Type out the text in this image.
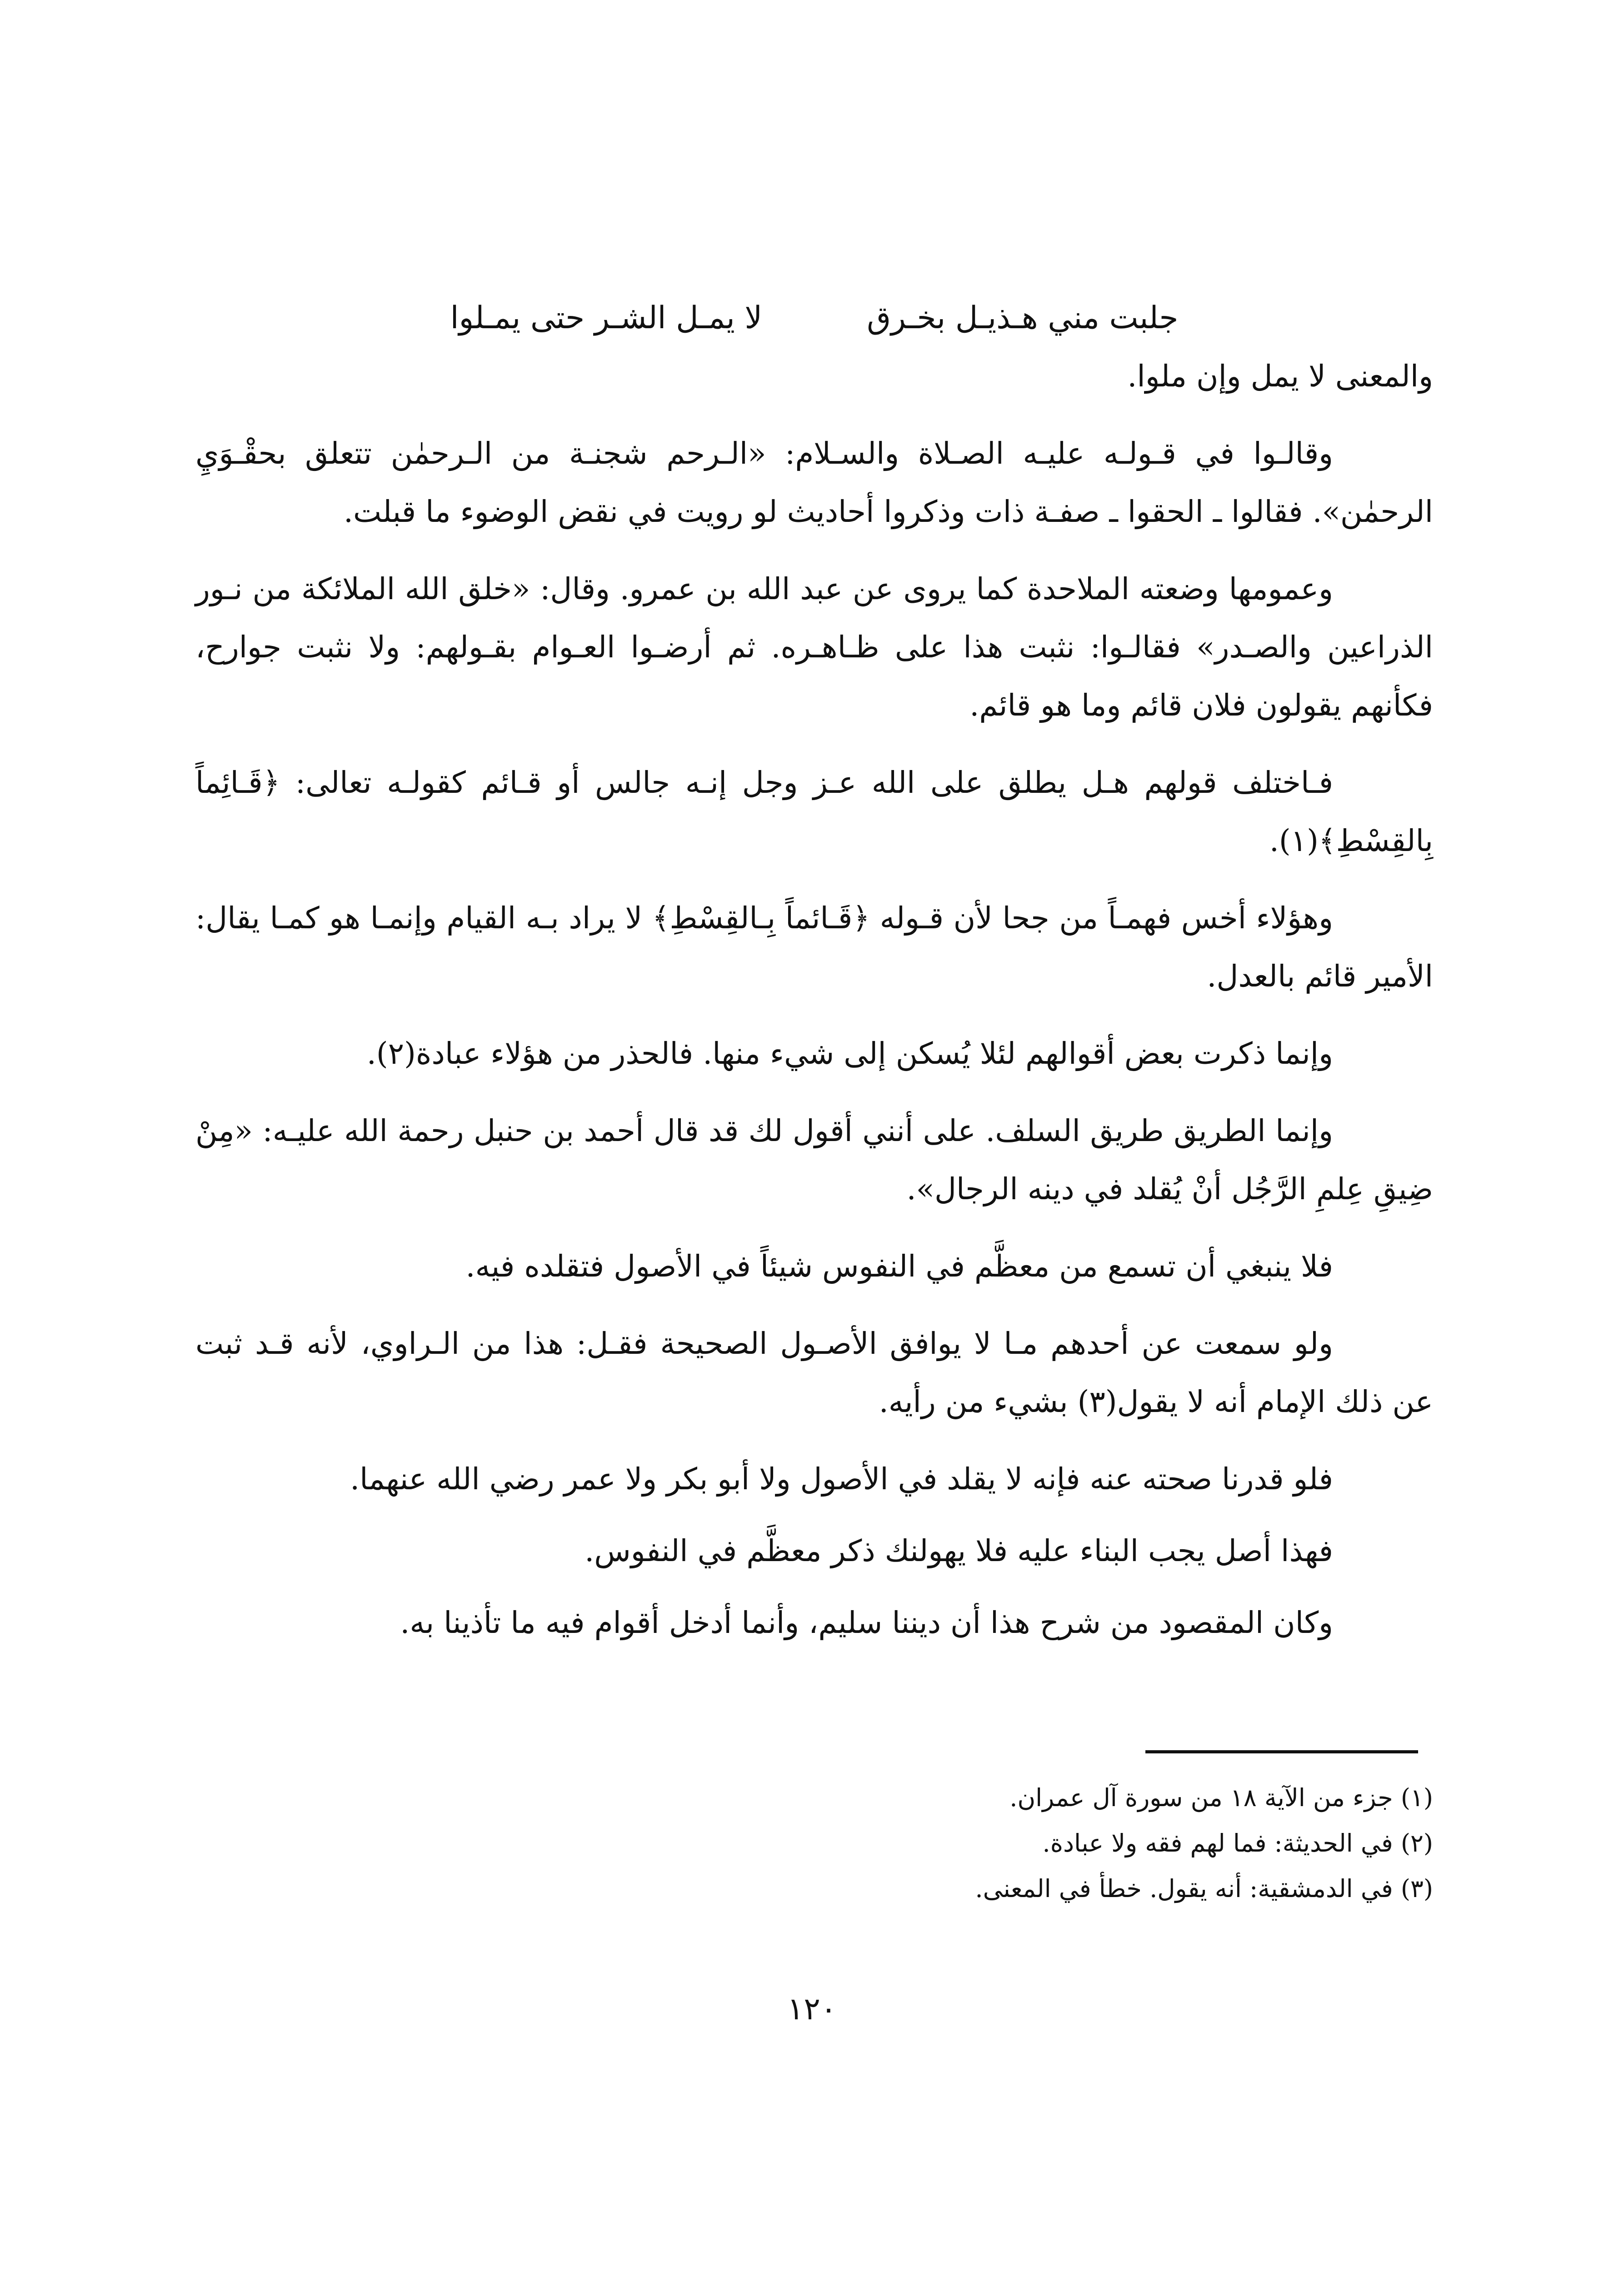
جلبت مني هـذيـل بخـرق
لا يمـل الشـر حتى يمـلوا

والمعنى لا يمل وإن ملوا.

وقالـوا في قـولـه عليـه الصـلاة والسـلام: «الـرحم شجنـة من الـرحمٰن تتعلق بحقْـوَيِ الرحمٰن». فقالوا ـ الحقوا ـ صفـة ذات وذكروا أحاديث لو رويت في نقض الوضوء ما قبلت.

وعمومها وضعته الملاحدة كما يروى عن عبد الله بن عمرو. وقال: «خلق الله الملائكة من نـور الذراعين والصـدر» فقالـوا: نثبت هذا على ظـاهـره. ثم أرضـوا العـوام بقـولهم: ولا نثبت جوارح، فكأنهم يقولون فلان قائم وما هو قائم.

فـاختلف قولهم هـل يطلق على الله عـز وجل إنـه جالس أو قـائم كقولـه تعالى: ﴿قَـائِماً بِالقِسْطِ﴾(١).

وهؤلاء أخس فهمـاً من جحا لأن قـوله ﴿قَـائماً بِـالقِسْطِ﴾ لا يراد بـه القيام وإنمـا هو كمـا يقال: الأمير قائم بالعدل.

وإنما ذكرت بعض أقوالهم لئلا يُسكن إلى شيء منها. فالحذر من هؤلاء عبادة(٢).

وإنما الطريق طريق السلف. على أنني أقول لك قد قال أحمد بن حنبل رحمة الله عليـه: «مِنْ ضِيقِ عِلمِ الرَّجُل أنْ يُقلد في دينه الرجال».

فلا ينبغي أن تسمع من معظَّم في النفوس شيئاً في الأصول فتقلده فيه.

ولو سمعت عن أحدهم مـا لا يوافق الأصـول الصحيحة فقـل: هذا من الـراوي، لأنه قـد ثبت عن ذلك الإمام أنه لا يقول(٣) بشيء من رأيه.

فلو قدرنا صحته عنه فإنه لا يقلد في الأصول ولا أبو بكر ولا عمر رضي الله عنهما.

فهذا أصل يجب البناء عليه فلا يهولنك ذكر معظَّم في النفوس.

وكان المقصود من شرح هذا أن ديننا سليم، وأنما أدخل أقوام فيه ما تأذينا به.

(١) جزء من الآية ١٨ من سورة آل عمران.
(٢) في الحديثة: فما لهم فقه ولا عبادة.
(٣) في الدمشقية: أنه يقول. خطأ في المعنى.
١٢٠
